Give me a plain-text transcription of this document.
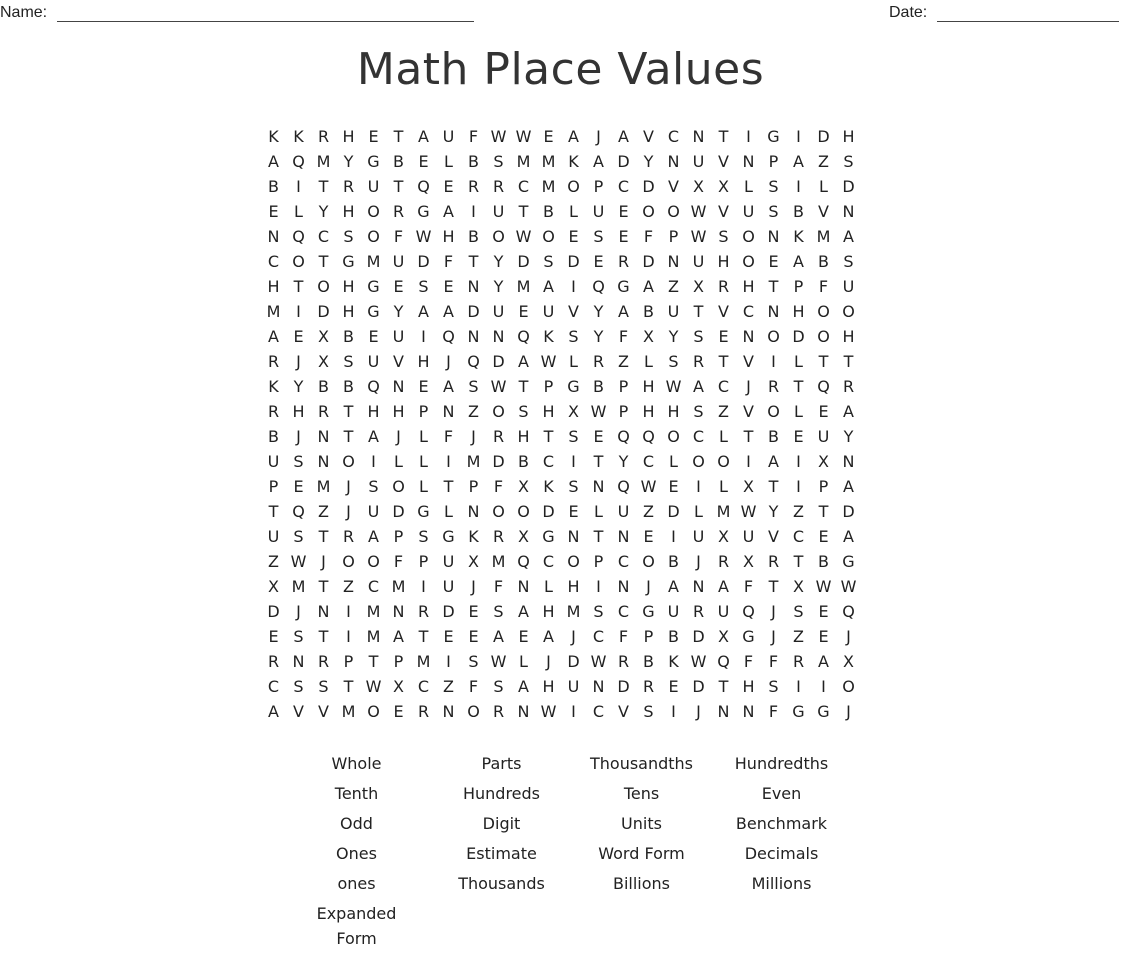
Name:	Date:
Math Place Values
K K R H E T A U F W W E A	J	A V C N T	I	G	I	D H
A Q M Y G B E L B S M M K A D Y N U V N P A Z S
B	I	T R U T Q E R R C M O P C D V X X L S	I	L D
E L Y H O R G A	I	U T B L U E O O W V U S B V N
N Q C S O F W H B O W O E S E F P W S O N K M A
C O T G M U D F T Y D S D E R D N U H O E A B S
H T O H G E S E N Y M A	I	Q G A Z X R H T P F U
M I	D H G Y A A D U E U V Y A B U T V C N H O O
A E X B E U	I	Q N N Q K S Y F X Y S E N O D O H
R	J	X S U V H	J	Q D A W L R Z L S R T V	I	L T T
K Y B B Q N E A S W T P G B P H W A C	J	R T Q R
R H R T H H P N Z O S H X W P H H S Z V O L E A
B	J	N T A	J	L F	J	R H T S E Q Q O C L T B E U Y
U S N O	I	L	L	I M D B C	I	T Y C L O O	I	A	I	X N
P E M J	S O L T P F X K S N Q W E	I	L X T	I	P A
T Q Z	J	U D G L N O O D E L U Z D L M W Y Z T D
U S T R A P S G K R X G N T N E	I	U X U V C E A
Z W J	O O F P U X M Q C O P C O B	J	R X R T B G
X M T Z C M I	U	J	F N L H	I	N	J	A N A F T X W W
D	J	N	I M N R D E S A H M S C G U R U Q	J	S E Q
E S T	I M A T E E A E A	J	C F P B D X G	J	Z E	J
R N R P T P M I	S W L	J	D W R B K W Q F F R A X
C S S T W X C Z F S A H U N D R E D T H S	I	I	O
A V V M O E R N O R N W I	C V S	I	J	N N F G G	J
Whole	Parts	Thousandths	Hundredths
Tenth	Hundreds	Tens	Even
Odd	Digit	Units	Benchmark
Ones	Estimate	Word Form	Decimals
ones	Thousands	Billions	Millions
Expanded Form
